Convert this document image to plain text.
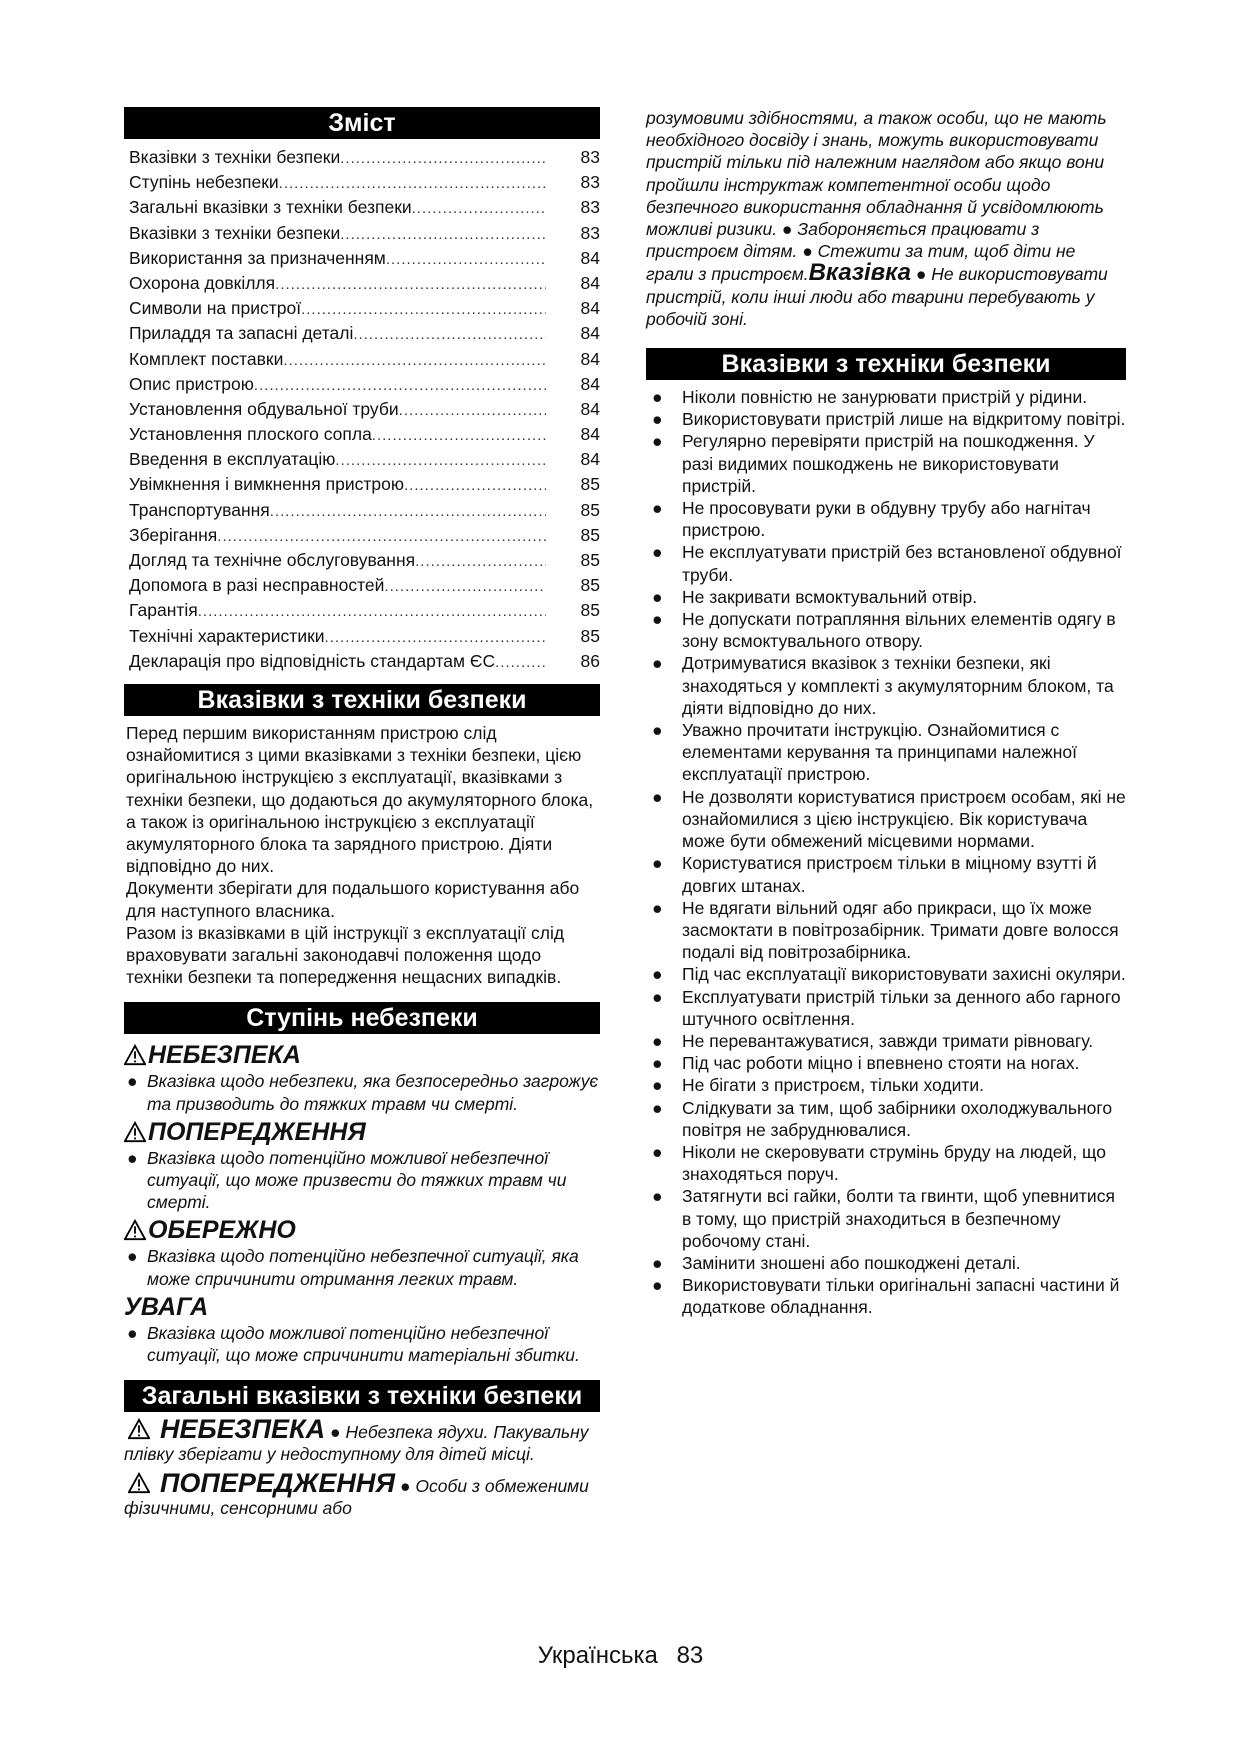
Зміст
Вказівки з техніки безпеки .....	83
Ступінь небезпеки .....	83
Загальні вказівки з техніки безпеки .....	83
Вказівки з техніки безпеки .....	83
Використання за призначенням .....	84
Охорона довкілля .....	84
Символи на пристрої .....	84
Приладдя та запасні деталі .....	84
Комплект поставки .....	84
Опис пристрою .....	84
Установлення обдувальної труби .....	84
Установлення плоского сопла .....	84
Введення в експлуатацію .....	84
Увімкнення і вимкнення пристрою .....	85
Транспортування .....	85
Зберігання .....	85
Догляд та технічне обслуговування .....	85
Допомога в разі несправностей .....	85
Гарантія .....	85
Технічні характеристики .....	85
Декларація про відповідність стандартам ЄС .....	86
Вказівки з техніки безпеки

Перед першим використанням пристрою слід ознайомитися з цими вказівками з техніки безпеки, цією оригінальною інструкцією з експлуатації, вказівками з техніки безпеки, що додаються до акумуляторного блока, а також із оригінальною інструкцією з експлуатації акумуляторного блока та зарядного пристрою. Діяти відповідно до них.

Документи зберігати для подальшого користування або для наступного власника.

Разом із вказівками в цій інструкції з експлуатації слід враховувати загальні законодавчі положення щодо техніки безпеки та попередження нещасних випадків.

Ступінь небезпеки
НЕБЕЗПЕКА
● Вказівка щодо небезпеки, яка безпосередньо загрожує та призводить до тяжких травм чи смерті.
ПОПЕРЕДЖЕННЯ
● Вказівка щодо потенційно можливої небезпечної ситуації, що може призвести до тяжких травм чи смерті.
ОБЕРЕЖНО
● Вказівка щодо потенційно небезпечної ситуації, яка може спричинити отримання легких травм.
УВАГА
● Вказівка щодо можливої потенційно небезпечної ситуації, що може спричинити матеріальні збитки.
Загальні вказівки з техніки безпеки
НЕБЕЗПЕКА ● Небезпека ядухи. Пакувальну плівку зберігати у недоступному для дітей місці.
ПОПЕРЕДЖЕННЯ ● Особи з обмеженими фізичними, сенсорними або
розумовими здібностями, а також особи, що не мають необхідного досвіду і знань, можуть використовувати пристрій тільки під належним наглядом або якщо вони пройшли інструктаж компетентної особи щодо безпечного використання обладнання й усвідомлюють можливі ризики. ● Забороняється працювати з пристроєм дітям. ● Стежити за тим, щоб діти не грали з пристроєм.Вказівка ● Не використовувати пристрій, коли інші люди або тварини перебувають у робочій зоні.
Вказівки з техніки безпеки
●	Ніколи повністю не занурювати пристрій у рідини.
●	Використовувати пристрій лише на відкритому повітрі.
●	Регулярно перевіряти пристрій на пошкодження. У разі видимих пошкоджень не використовувати пристрій.
●	Не просовувати руки в обдувну трубу або нагнітач пристрою.
●	Не експлуатувати пристрій без встановленої обдувної труби.
●	Не закривати всмоктувальний отвір.
●	Не допускати потрапляння вільних елементів одягу в зону всмоктувального отвору.
●	Дотримуватися вказівок з техніки безпеки, які знаходяться у комплекті з акумуляторним блоком, та діяти відповідно до них.
●	Уважно прочитати інструкцію. Ознайомитися с елементами керування та принципами належної експлуатації пристрою.
●	Не дозволяти користуватися пристроєм особам, які не ознайомилися з цією інструкцією. Вік користувача може бути обмежений місцевими нормами.
●	Користуватися пристроєм тільки в міцному взутті й довгих штанах.
●	Не вдягати вільний одяг або прикраси, що їх може засмоктати в повітрозабірник. Тримати довге волосся подалі від повітрозабірника.
●	Під час експлуатації використовувати захисні окуляри.
●	Експлуатувати пристрій тільки за денного або гарного штучного освітлення.
●	Не перевантажуватися, завжди тримати рівновагу.
●	Під час роботи міцно і впевнено стояти на ногах.
●	Не бігати з пристроєм, тільки ходити.
●	Слідкувати за тим, щоб забірники охолоджувального повітря не забруднювалися.
●	Ніколи не скеровувати струмінь бруду на людей, що знаходяться поруч.
●	Затягнути всі гайки, болти та гвинти, щоб упевнитися в тому, що пристрій знаходиться в безпечному робочому стані.
●	Замінити зношені або пошкоджені деталі.
●	Використовувати тільки оригінальні запасні частини й додаткове обладнання.
Українська 83
